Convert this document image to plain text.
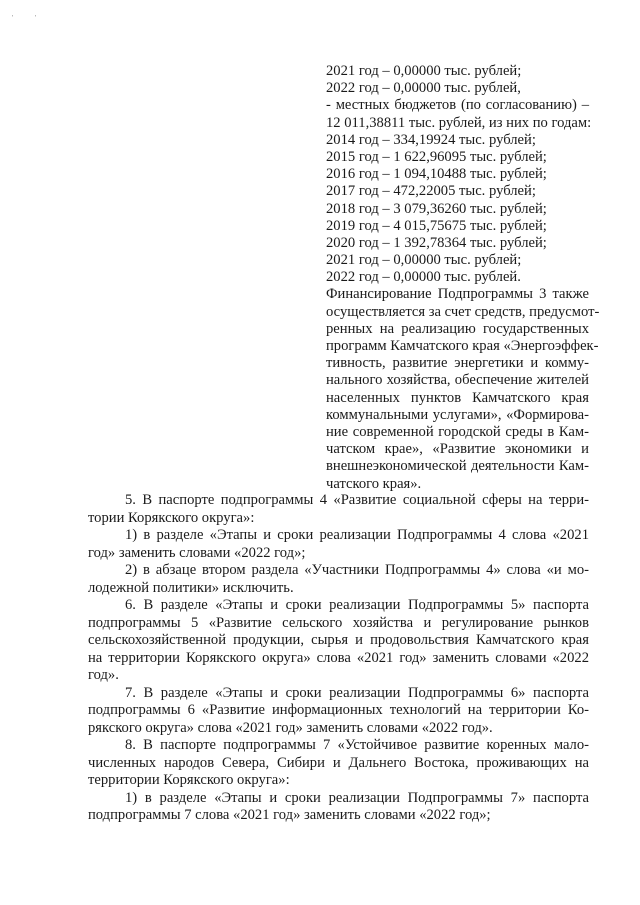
' '
2021 год – 0,00000 тыс. рублей;
2022 год – 0,00000 тыс. рублей,
- местных бюджетов (по согласованию) –
12 011,38811 тыс. рублей, из них по годам:
2014 год – 334,19924 тыс. рублей;
2015 год – 1 622,96095 тыс. рублей;
2016 год – 1 094,10488 тыс. рублей;
2017 год – 472,22005 тыс. рублей;
2018 год – 3 079,36260 тыс. рублей;
2019 год – 4 015,75675 тыс. рублей;
2020 год – 1 392,78364 тыс. рублей;
2021 год – 0,00000 тыс. рублей;
2022 год – 0,00000 тыс. рублей.
Финансирование Подпрограммы 3 также
осуществляется за счет средств, предусмот-
ренных на реализацию государственных
программ Камчатского края «Энергоэффек-
тивность, развитие энергетики и комму-
нального хозяйства, обеспечение жителей
населенных пунктов Камчатского края
коммунальными услугами», «Формирова-
ние современной городской среды в Кам-
чатском крае», «Развитие экономики и
внешнеэкономической деятельности Кам-
чатского края».
5. В паспорте подпрограммы 4 «Развитие социальной сферы на терри-
тории Корякского округа»:
1) в разделе «Этапы и сроки реализации Подпрограммы 4 слова «2021
год» заменить словами «2022 год»;
2) в абзаце втором раздела «Участники Подпрограммы 4» слова «и мо-
лодежной политики» исключить.
6. В разделе «Этапы и сроки реализации Подпрограммы 5» паспорта
подпрограммы 5 «Развитие сельского хозяйства и регулирование рынков
сельскохозяйственной продукции, сырья и продовольствия Камчатского края
на территории Корякского округа» слова «2021 год» заменить словами «2022
год».
7. В разделе «Этапы и сроки реализации Подпрограммы 6» паспорта
подпрограммы 6 «Развитие информационных технологий на территории Ко-
рякского округа» слова «2021 год» заменить словами «2022 год».
8. В паспорте подпрограммы 7 «Устойчивое развитие коренных мало-
численных народов Севера, Сибири и Дальнего Востока, проживающих на
территории Корякского округа»:
1) в разделе «Этапы и сроки реализации Подпрограммы 7» паспорта
подпрограммы 7 слова «2021 год» заменить словами «2022 год»;
